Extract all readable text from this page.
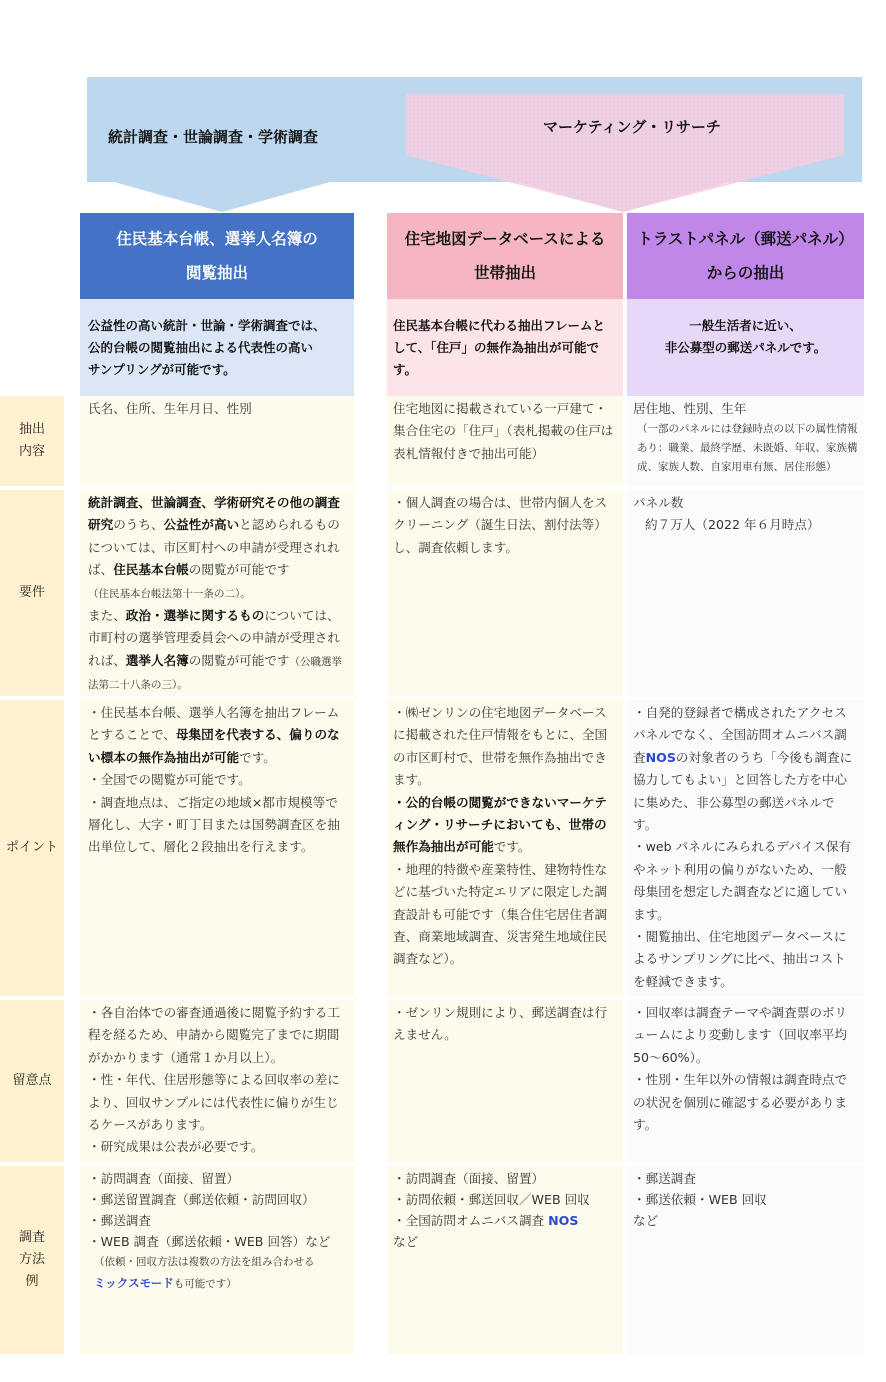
統計調査・世論調査・学術調査
マーケティング・リサーチ
住民基本台帳、選挙人名簿の
閲覧抽出
住宅地図データベースによる
世帯抽出
トラストパネル（郵送パネル）
からの抽出
公益性の高い統計・世論・学術調査では、
公的台帳の閲覧抽出による代表性の高い
サンプリングが可能です。
住民基本台帳に代わる抽出フレームと
して、「住戸」の無作為抽出が可能で
す。
一般生活者に近い、
非公募型の郵送パネルです。
抽出
内容
要件
ポイント
留意点
調査
方法
例

氏名、住所、生年月日、性別	住宅地図に掲載されている一戸建て・集合住宅の「住戸」（表札掲載の住戸は表札情報付きで抽出可能）

居住地、性別、生年

（一部のパネルには登録時点の以下の属性情報あり：職業、最終学歴、未既婚、年収、家族構成、家族人数、自家用車有無、居住形態）

統計調査、世論調査、学術研究その他の調査研究のうち、公益性が高いと認められるものについては、市区町村への申請が受理されれば、住民基本台帳の閲覧が可能です
（住民基本台帳法第十一条の二）。

また、政治・選挙に関するものについては、市町村の選挙管理委員会への申請が受理されれば、選挙人名簿の閲覧が可能です（公職選挙法第二十八条の三）。

・個人調査の場合は、世帯内個人をスクリーニング（誕生日法、割付法等）し、調査依頼します。

パネル数

約７万人（2022 年６月時点）

・住民基本台帳、選挙人名簿を抽出フレームとすることで、母集団を代表する、偏りのない標本の無作為抽出が可能です。

・全国での閲覧が可能です。

・調査地点は、ご指定の地域×都市規模等で層化し、大字・町丁目または国勢調査区を抽出単位して、層化２段抽出を行えます。

・㈱ゼンリンの住宅地図データベースに掲載された住戸情報をもとに、全国の市区町村で、世帯を無作為抽出できます。

・公的台帳の閲覧ができないマーケティング・リサーチにおいても、世帯の無作為抽出が可能です。

・地理的特徴や産業特性、建物特性などに基づいた特定エリアに限定した調査設計も可能です（集合住宅居住者調査、商業地域調査、災害発生地域住民調査など）。

・自発的登録者で構成されたアクセスパネルでなく、全国訪問オムニバス調査NOSの対象者のうち「今後も調査に協力してもよい」と回答した方を中心に集めた、非公募型の郵送パネルです。

・web パネルにみられるデバイス保有やネット利用の偏りがないため、一般母集団を想定した調査などに適しています。

・閲覧抽出、住宅地図データベースによるサンプリングに比べ、抽出コストを軽減できます。

・各自治体での審査通過後に閲覧予約する工程を経るため、申請から閲覧完了までに期間がかかります（通常１か月以上）。

・性・年代、住居形態等による回収率の差により、回収サンプルには代表性に偏りが生じるケースがあります。

・研究成果は公表が必要です。

・ゼンリン規則により、郵送調査は行えません。

・回収率は調査テーマや調査票のボリュームにより変動します（回収率平均 50～60%）。

・性別・生年以外の情報は調査時点での状況を個別に確認する必要があります。

・訪問調査（面接、留置）

・郵送留置調査（郵送依頼・訪問回収）

・郵送調査

・WEB 調査（郵送依頼・WEB 回答）など

（依頼・回収方法は複数の方法を組み合わせる
ミックスモードも可能です）

・訪問調査（面接、留置）

・訪問依頼・郵送回収／WEB 回収

・全国訪問オムニバス調査 NOS

など

・郵送調査

・郵送依頼・WEB 回収

など
